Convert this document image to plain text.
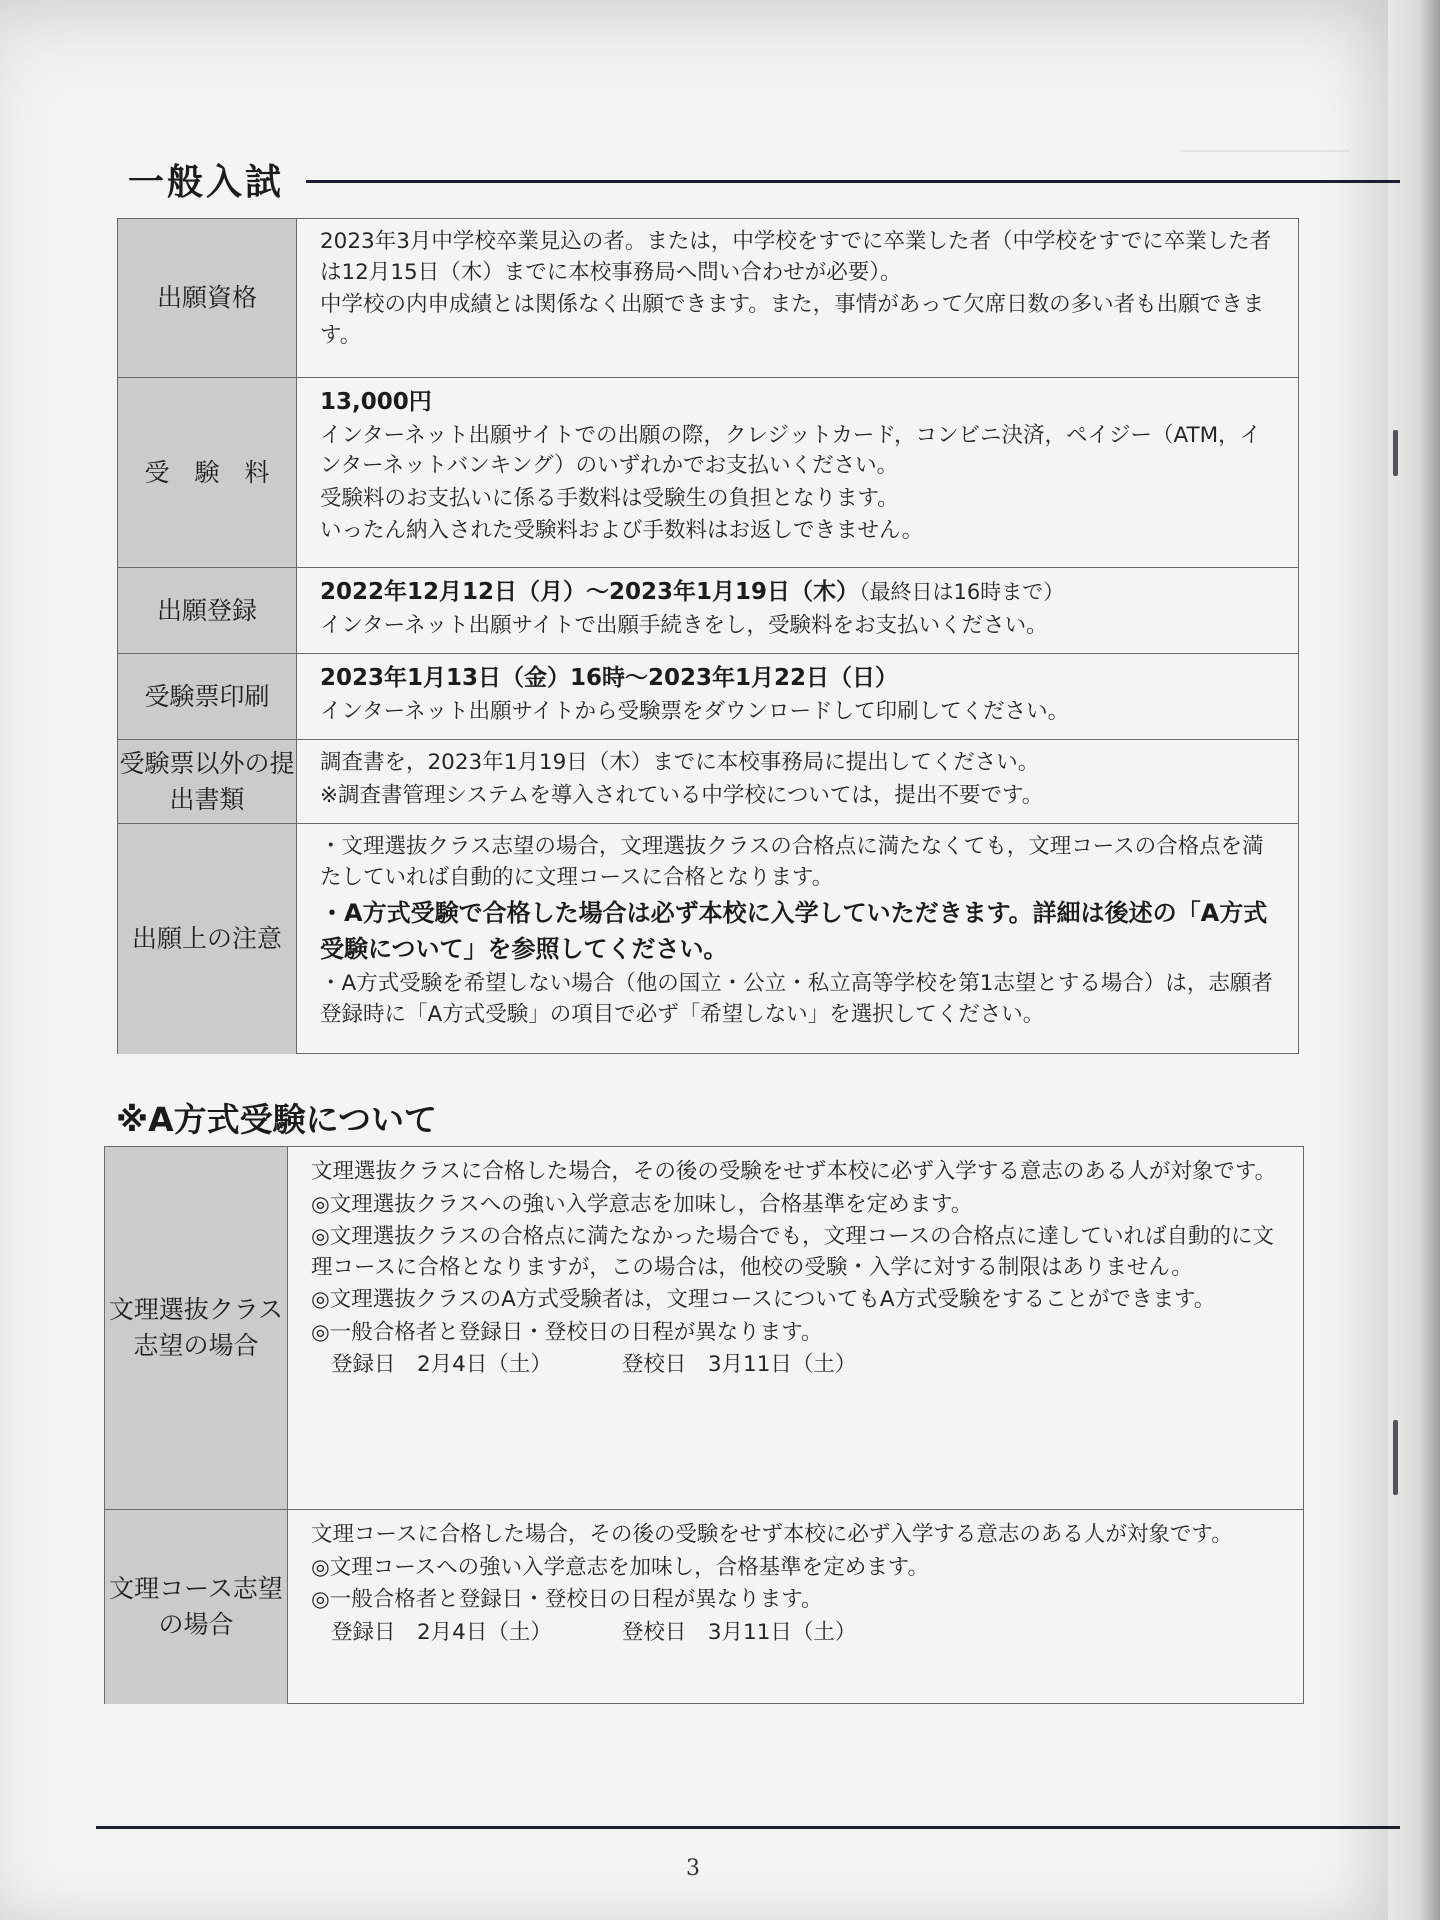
一般入試
出願資格

2023年3月中学校卒業見込の者。または，中学校をすでに卒業した者（中学校をすでに卒業した者は12月15日（木）までに本校事務局へ問い合わせが必要）。

中学校の内申成績とは関係なく出願できます。また，事情があって欠席日数の多い者も出願できます。

受　験　料

13,000円

インターネット出願サイトでの出願の際，クレジットカード，コンビニ決済，ペイジー（ATM，インターネットバンキング）のいずれかでお支払いください。

受験料のお支払いに係る手数料は受験生の負担となります。

いったん納入された受験料および手数料はお返しできません。

出願登録

2022年12月12日（月）～2023年1月19日（木）（最終日は16時まで）

インターネット出願サイトで出願手続きをし，受験料をお支払いください。

受験票印刷

2023年1月13日（金）16時～2023年1月22日（日）

インターネット出願サイトから受験票をダウンロードして印刷してください。

受験票以外の提出書類

調査書を，2023年1月19日（木）までに本校事務局に提出してください。

※調査書管理システムを導入されている中学校については，提出不要です。

出願上の注意

・文理選抜クラス志望の場合，文理選抜クラスの合格点に満たなくても，文理コースの合格点を満たしていれば自動的に文理コースに合格となります。

・A方式受験で合格した場合は必ず本校に入学していただきます。詳細は後述の「A方式受験について」を参照してください。

・A方式受験を希望しない場合（他の国立・公立・私立高等学校を第1志望とする場合）は，志願者登録時に「A方式受験」の項目で必ず「希望しない」を選択してください。

※A方式受験について
文理選抜クラス志望の場合

文理選抜クラスに合格した場合，その後の受験をせず本校に必ず入学する意志のある人が対象です。

◎文理選抜クラスへの強い入学意志を加味し，合格基準を定めます。

◎文理選抜クラスの合格点に満たなかった場合でも，文理コースの合格点に達していれば自動的に文理コースに合格となりますが，この場合は，他校の受験・入学に対する制限はありません。

◎文理選抜クラスのA方式受験者は，文理コースについてもA方式受験をすることができます。

◎一般合格者と登録日・登校日の日程が異なります。

登録日　2月4日（土）	登校日　3月11日（土）

文理コース志望の場合

文理コースに合格した場合，その後の受験をせず本校に必ず入学する意志のある人が対象です。

◎文理コースへの強い入学意志を加味し，合格基準を定めます。

◎一般合格者と登録日・登校日の日程が異なります。

登録日　2月4日（土）	登校日　3月11日（土）

3
